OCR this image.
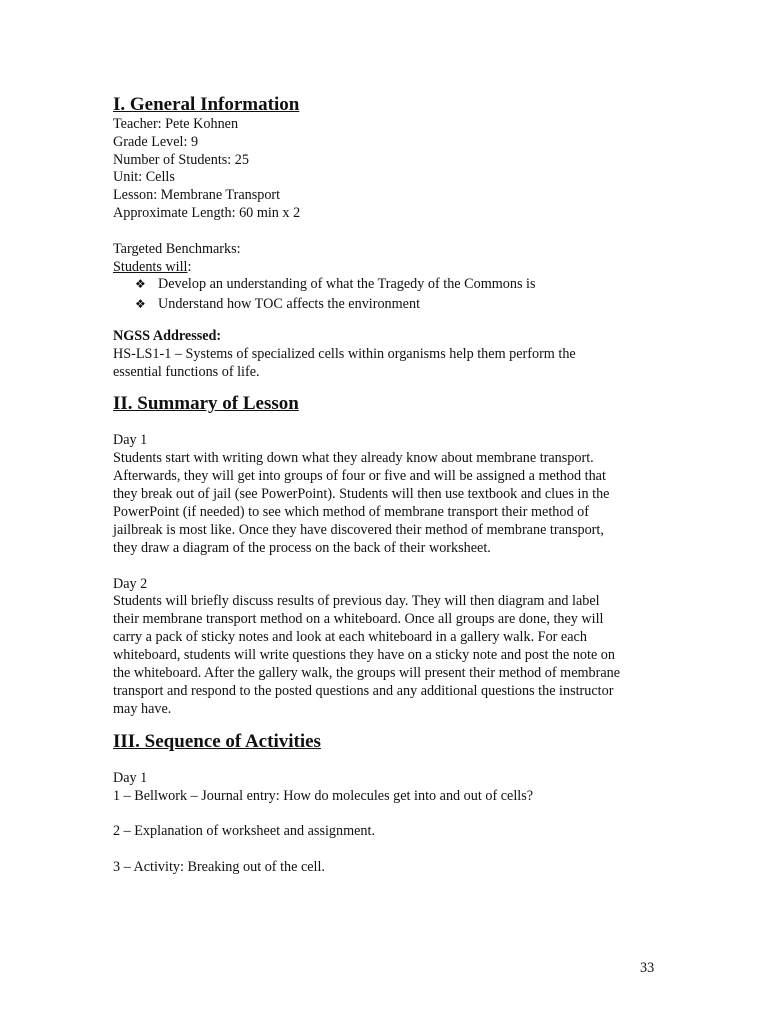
I. General Information
Teacher: Pete Kohnen
Grade Level: 9
Number of Students: 25
Unit: Cells
Lesson: Membrane Transport
Approximate Length: 60 min x 2
Targeted Benchmarks:
Students will:
❖ Develop an understanding of what the Tragedy of the Commons is
❖ Understand how TOC affects the environment
NGSS Addressed:
HS-LS1-1 – Systems of specialized cells within organisms help them perform the
essential functions of life.
II. Summary of Lesson
Day 1

Students start with writing down what they already know about membrane transport.
Afterwards, they will get into groups of four or five and will be assigned a method that
they break out of jail (see PowerPoint). Students will then use textbook and clues in the
PowerPoint (if needed) to see which method of membrane transport their method of
jailbreak is most like. Once they have discovered their method of membrane transport,
they draw a diagram of the process on the back of their worksheet.

Day 2

Students will briefly discuss results of previous day. They will then diagram and label
their membrane transport method on a whiteboard. Once all groups are done, they will
carry a pack of sticky notes and look at each whiteboard in a gallery walk. For each
whiteboard, students will write questions they have on a sticky note and post the note on
the whiteboard. After the gallery walk, the groups will present their method of membrane
transport and respond to the posted questions and any additional questions the instructor
may have.

III. Sequence of Activities
Day 1
1 – Bellwork – Journal entry: How do molecules get into and out of cells?
2 – Explanation of worksheet and assignment.
3 – Activity: Breaking out of the cell.
33
